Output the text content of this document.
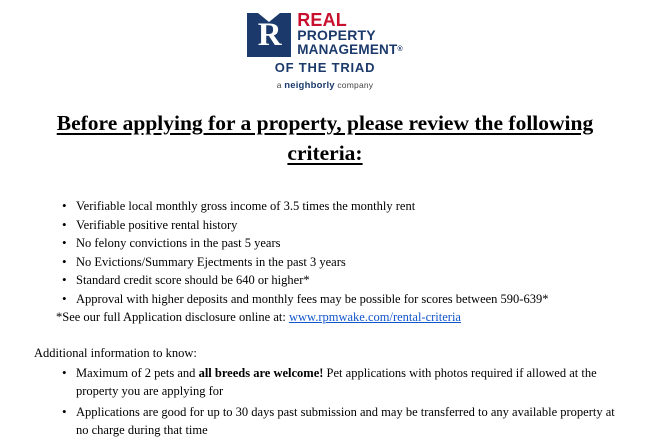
R REAL
PROPERTY
MANAGEMENT®
OF THE TRIAD
a neighborly company
Before applying for a property, please review the following criteria:
• Verifiable local monthly gross income of 3.5 times the monthly rent
• Verifiable positive rental history
• No felony convictions in the past 5 years
• No Evictions/Summary Ejectments in the past 3 years
• Standard credit score should be 640 or higher*
• Approval with higher deposits and monthly fees may be possible for scores between 590-639*
*See our full Application disclosure online at: www.rpmwake.com/rental-criteria
Additional information to know:
• Maximum of 2 pets and all breeds are welcome! Pet applications with photos required if allowed at the property you are applying for
• Applications are good for up to 30 days past submission and may be transferred to any available property at no charge during that time
